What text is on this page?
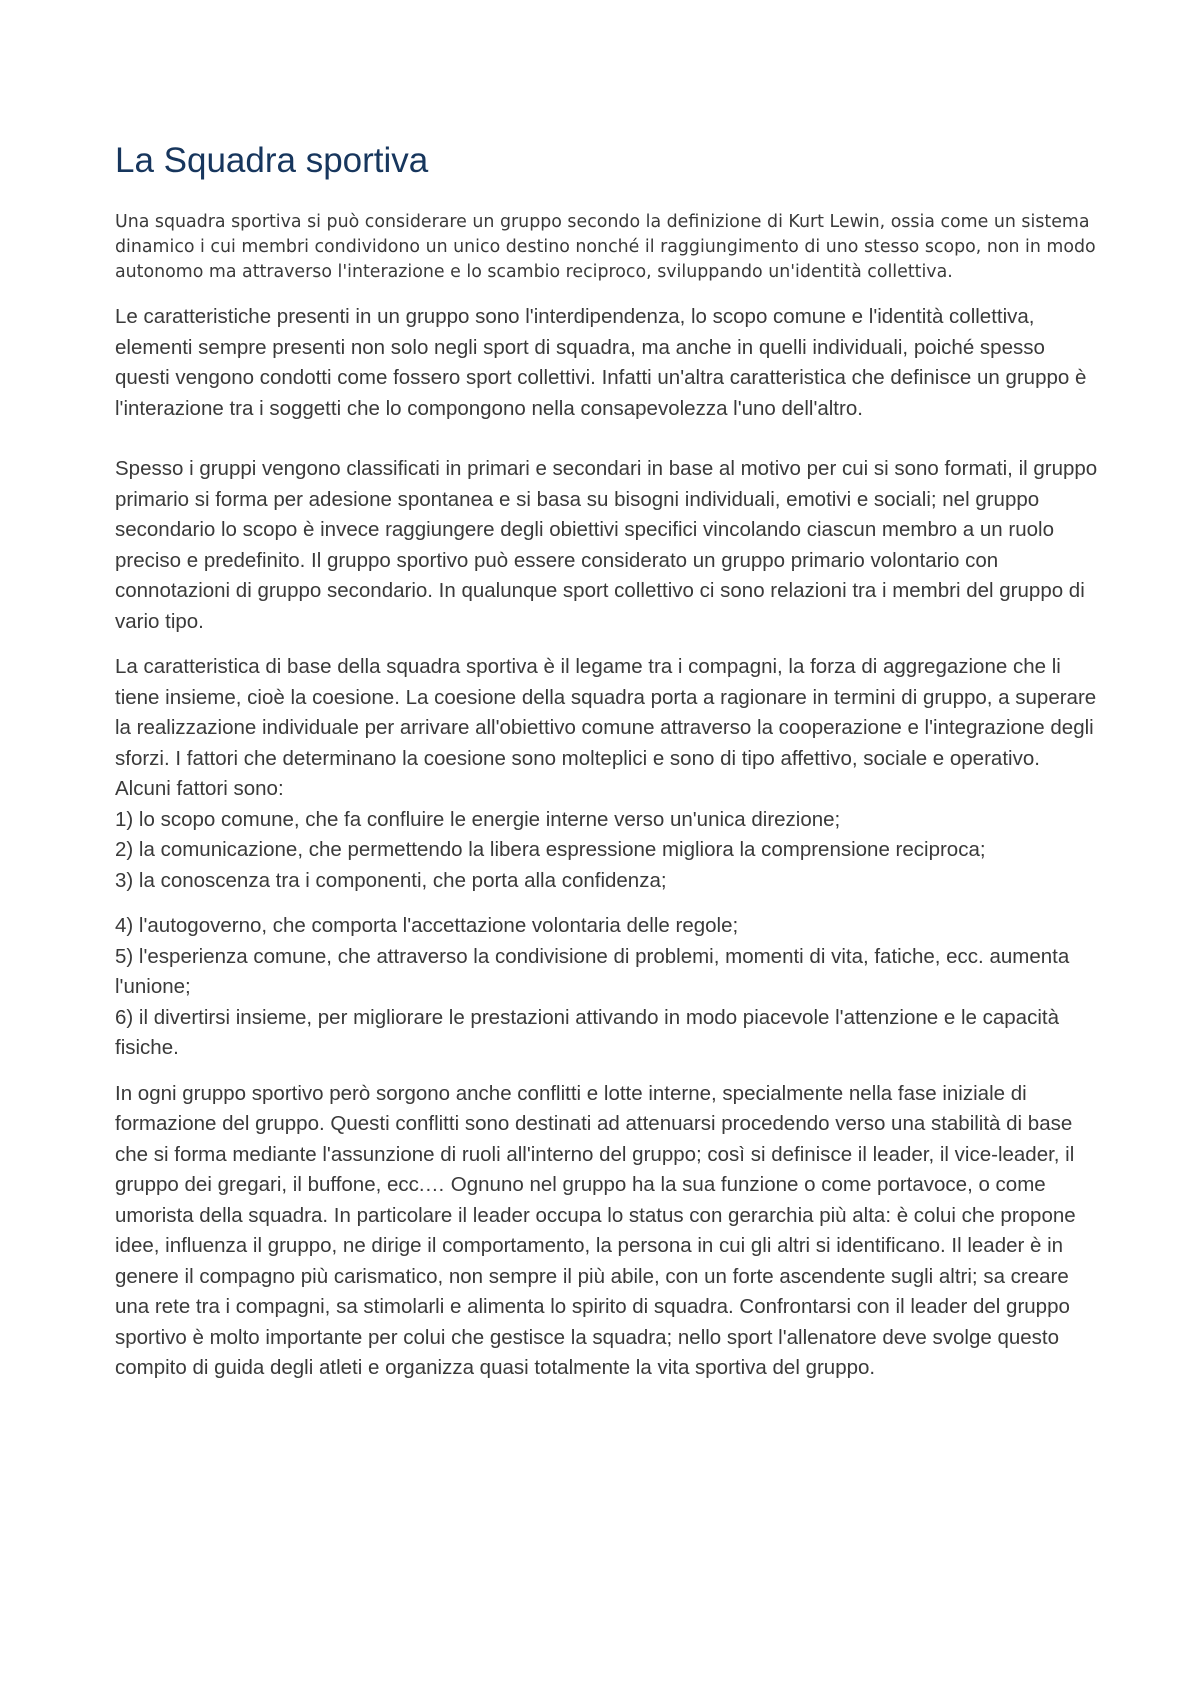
La Squadra sportiva

Una squadra sportiva si può considerare un gruppo secondo la definizione di Kurt Lewin, ossia come un sistema dinamico i cui membri condividono un unico destino nonché il raggiungimento di uno stesso scopo, non in modo autonomo ma attraverso l'interazione e lo scambio reciproco, sviluppando un'identità collettiva.

Le caratteristiche presenti in un gruppo sono l'interdipendenza, lo scopo comune e l'identità collettiva, elementi sempre presenti non solo negli sport di squadra, ma anche in quelli individuali, poiché spesso questi vengono condotti come fossero sport collettivi. Infatti un'altra caratteristica che definisce un gruppo è l'interazione tra i soggetti che lo compongono nella consapevolezza l'uno dell'altro.

Spesso i gruppi vengono classificati in primari e secondari in base al motivo per cui si sono formati, il gruppo primario si forma per adesione spontanea e si basa su bisogni individuali, emotivi e sociali; nel gruppo secondario lo scopo è invece raggiungere degli obiettivi specifici vincolando ciascun membro a un ruolo preciso e predefinito. Il gruppo sportivo può essere considerato un gruppo primario volontario con connotazioni di gruppo secondario. In qualunque sport collettivo ci sono relazioni tra i membri del gruppo di vario tipo.

La caratteristica di base della squadra sportiva è il legame tra i compagni, la forza di aggregazione che li tiene insieme, cioè la coesione. La coesione della squadra porta a ragionare in termini di gruppo, a superare la realizzazione individuale per arrivare all'obiettivo comune attraverso la cooperazione e l'integrazione degli sforzi. I fattori che determinano la coesione sono molteplici e sono di tipo affettivo, sociale e operativo. Alcuni fattori sono:
1) lo scopo comune, che fa confluire le energie interne verso un'unica direzione;
2) la comunicazione, che permettendo la libera espressione migliora la comprensione reciproca;
3) la conoscenza tra i componenti, che porta alla confidenza;
4) l'autogoverno, che comporta l'accettazione volontaria delle regole;
5) l'esperienza comune, che attraverso la condivisione di problemi, momenti di vita, fatiche, ecc. aumenta l'unione;
6) il divertirsi insieme, per migliorare le prestazioni attivando in modo piacevole l'attenzione e le capacità fisiche.

In ogni gruppo sportivo però sorgono anche conflitti e lotte interne, specialmente nella fase iniziale di formazione del gruppo. Questi conflitti sono destinati ad attenuarsi procedendo verso una stabilità di base che si forma mediante l'assunzione di ruoli all'interno del gruppo; così si definisce il leader, il vice-leader, il gruppo dei gregari, il buffone, ecc.… Ognuno nel gruppo ha la sua funzione o come portavoce, o come umorista della squadra. In particolare il leader occupa lo status con gerarchia più alta: è colui che propone idee, influenza il gruppo, ne dirige il comportamento, la persona in cui gli altri si identificano. Il leader è in genere il compagno più carismatico, non sempre il più abile, con un forte ascendente sugli altri; sa creare una rete tra i compagni, sa stimolarli e alimenta lo spirito di squadra. Confrontarsi con il leader del gruppo sportivo è molto importante per colui che gestisce la squadra; nello sport l'allenatore deve svolge questo compito di guida degli atleti e organizza quasi totalmente la vita sportiva del gruppo.
